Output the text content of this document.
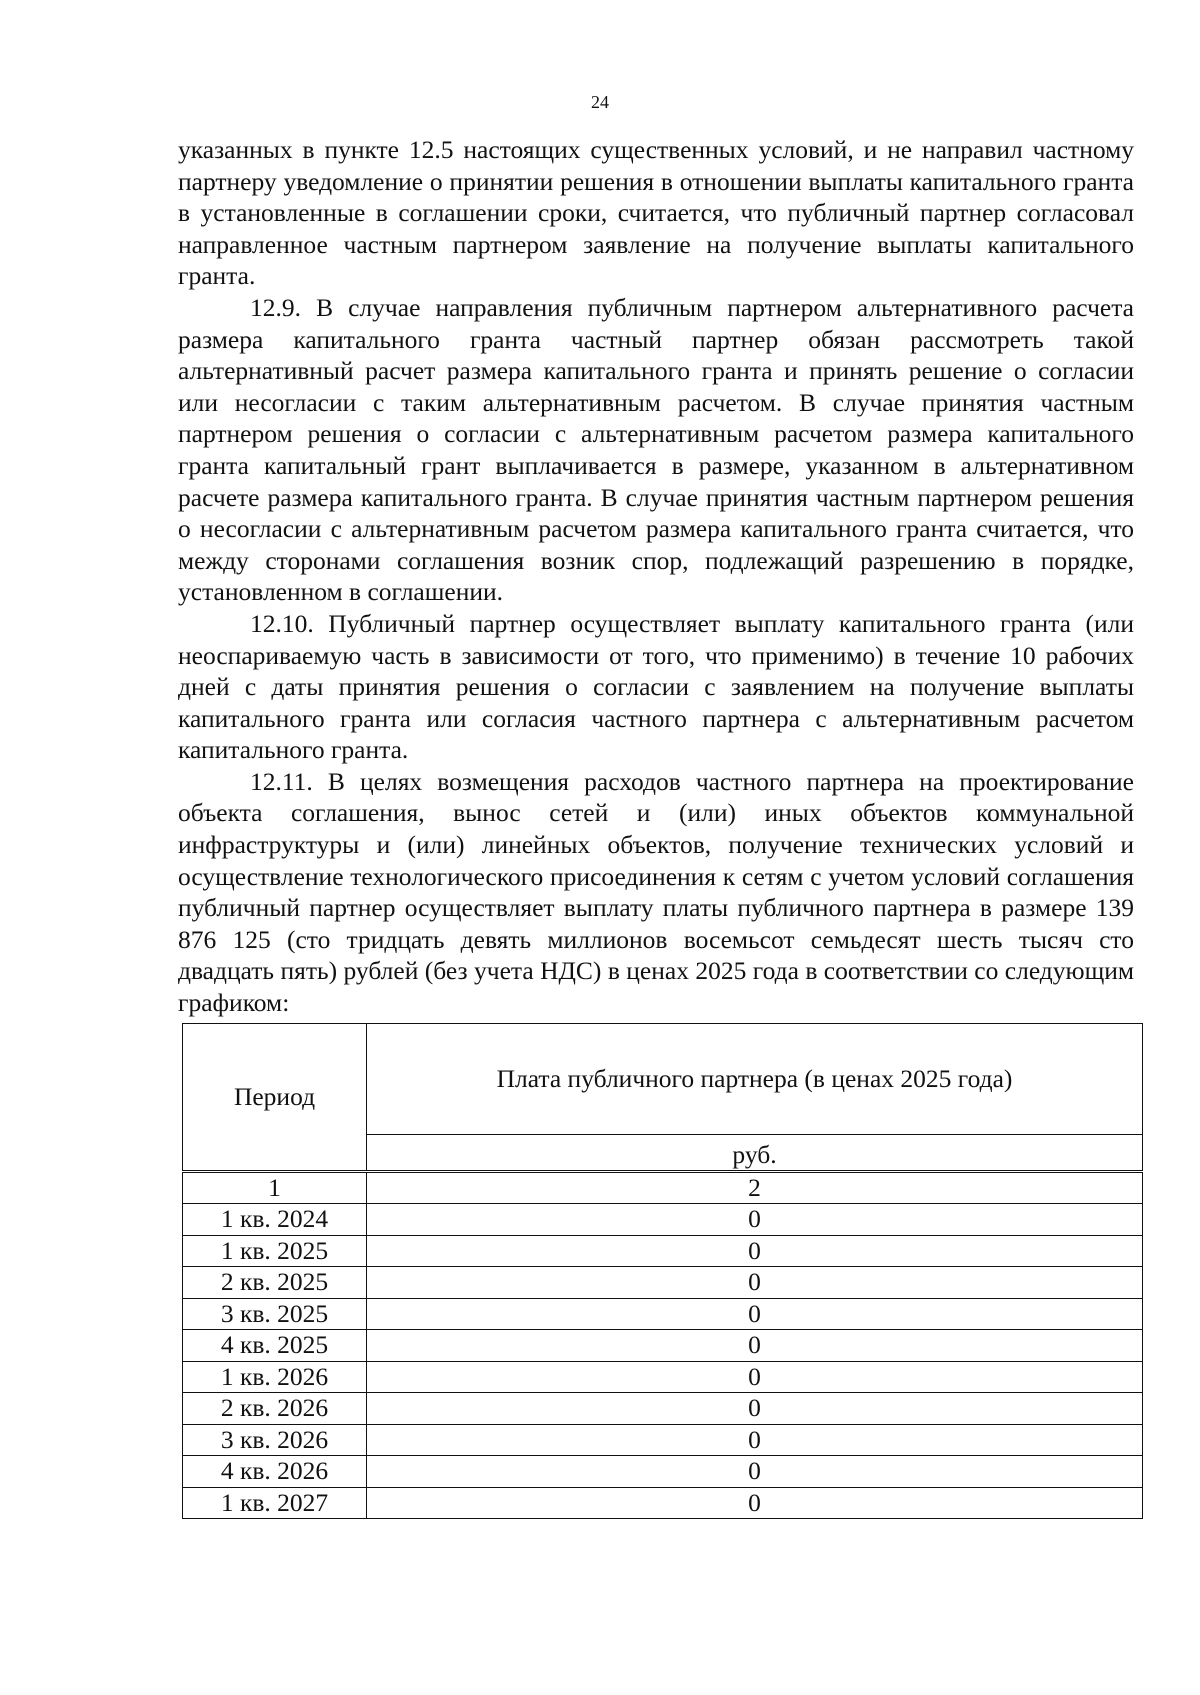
24

указанных в пункте 12.5 настоящих существенных условий, и не направил частному партнеру уведомление о принятии решения в отношении выплаты капитального гранта в установленные в соглашении сроки, считается, что публичный партнер согласовал направленное частным партнером заявление на получение выплаты капитального гранта.

12.9. В случае направления публичным партнером альтернативного расчета размера капитального гранта частный партнер обязан рассмотреть такой альтернативный расчет размера капитального гранта и принять решение о согласии или несогласии с таким альтернативным расчетом. В случае принятия частным партнером решения о согласии с альтернативным расчетом размера капитального гранта капитальный грант выплачивается в размере, указанном в альтернативном расчете размера капитального гранта. В случае принятия частным партнером решения о несогласии с альтернативным расчетом размера капитального гранта считается, что между сторонами соглашения возник спор, подлежащий разрешению в порядке, установленном в соглашении.

12.10. Публичный партнер осуществляет выплату капитального гранта (или неоспариваемую часть в зависимости от того, что применимо) в течение 10 рабочих дней с даты принятия решения о согласии с заявлением на получение выплаты капитального гранта или согласия частного партнера с альтернативным расчетом капитального гранта.

12.11. В целях возмещения расходов частного партнера на проектирование объекта соглашения, вынос сетей и (или) иных объектов коммунальной инфраструктуры и (или) линейных объектов, получение технических условий и осуществление технологического присоединения к сетям с учетом условий соглашения публичный партнер осуществляет выплату платы публичного партнера в размере 139 876 125 (сто тридцать девять миллионов восемьсот семьдесят шесть тысяч сто двадцать пять) рублей (без учета НДС) в ценах 2025 года в соответствии со следующим графиком:

Период	Плата публичного партнера (в ценах 2025 года)
	руб.
1	2
1 кв. 2024	0
1 кв. 2025	0
2 кв. 2025	0
3 кв. 2025	0
4 кв. 2025	0
1 кв. 2026	0
2 кв. 2026	0
3 кв. 2026	0
4 кв. 2026	0
1 кв. 2027	0
